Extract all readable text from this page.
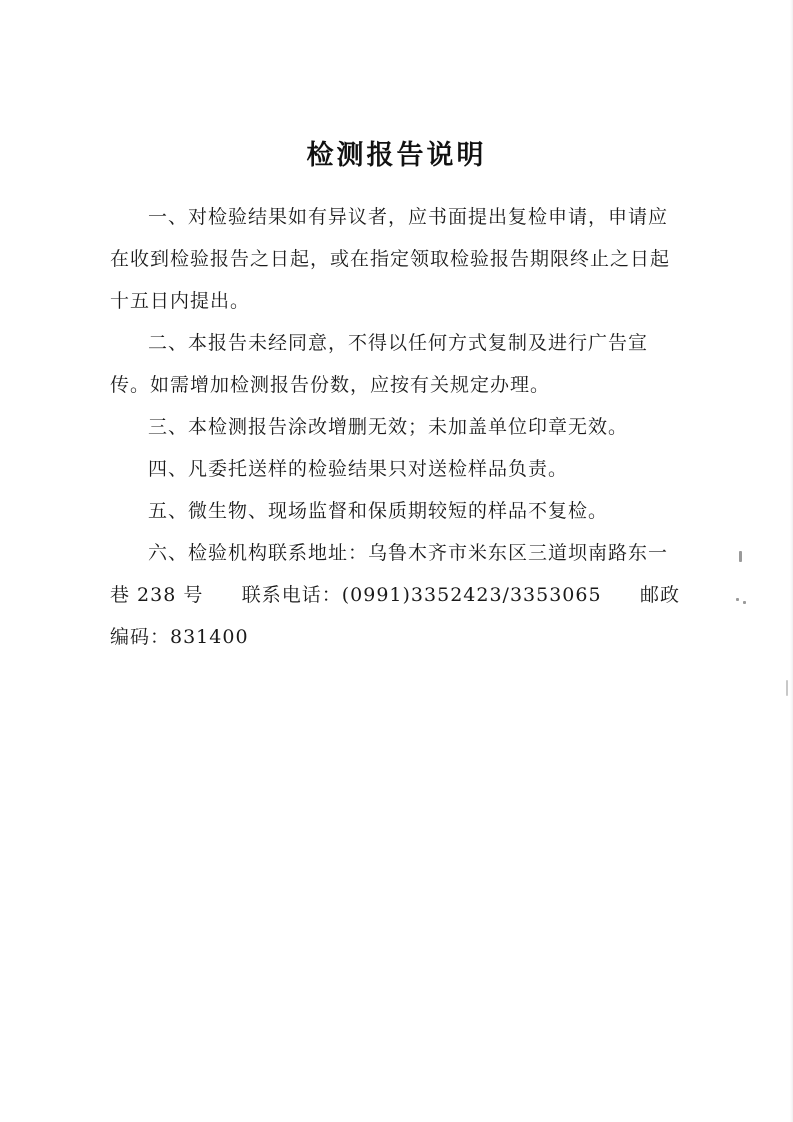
检测报告说明
一、对检验结果如有异议者，应书面提出复检申请，申请应在收到检验报告之日起，或在指定领取检验报告期限终止之日起十五日内提出。
二、本报告未经同意，不得以任何方式复制及进行广告宣传。如需增加检测报告份数，应按有关规定办理。
三、本检测报告涂改增删无效；未加盖单位印章无效。
四、凡委托送样的检验结果只对送检样品负责。
五、微生物、现场监督和保质期较短的样品不复检。
六、检验机构联系地址：乌鲁木齐市米东区三道坝南路东一
巷 238 号 联系电话：(0991)3352423/3353065 邮政
编码：831400
